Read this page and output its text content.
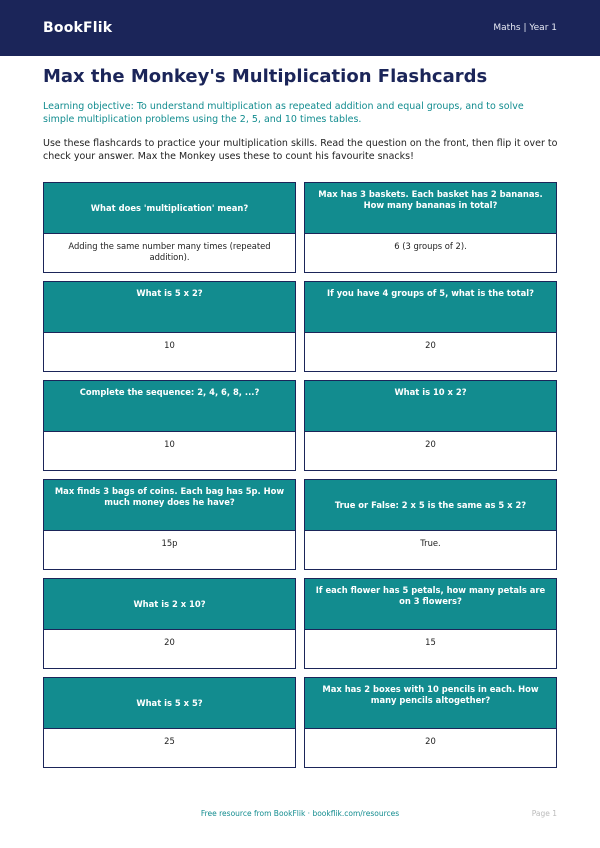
BookFlik	Maths | Year 1
Max the Monkey's Multiplication Flashcards

Learning objective: To understand multiplication as repeated addition and equal groups, and to solve simple multiplication problems using the 2, 5, and 10 times tables.

Use these flashcards to practice your multiplication skills. Read the question on the front, then flip it over to check your answer. Max the Monkey uses these to count his favourite snacks!

What does 'multiplication' mean?
Adding the same number many times (repeated addition).
Max has 3 baskets. Each basket has 2 bananas. How many bananas in total?
6 (3 groups of 2).
What is 5 x 2?
10
If you have 4 groups of 5, what is the total?
20
Complete the sequence: 2, 4, 6, 8, ...?
10
What is 10 x 2?
20
Max finds 3 bags of coins. Each bag has 5p. How much money does he have?
15p
True or False: 2 x 5 is the same as 5 x 2?
True.
What is 2 x 10?
20
If each flower has 5 petals, how many petals are on 3 flowers?
15
What is 5 x 5?
25
Max has 2 boxes with 10 pencils in each. How many pencils altogether?
20
Free resource from BookFlik · bookflik.com/resources	Page 1
